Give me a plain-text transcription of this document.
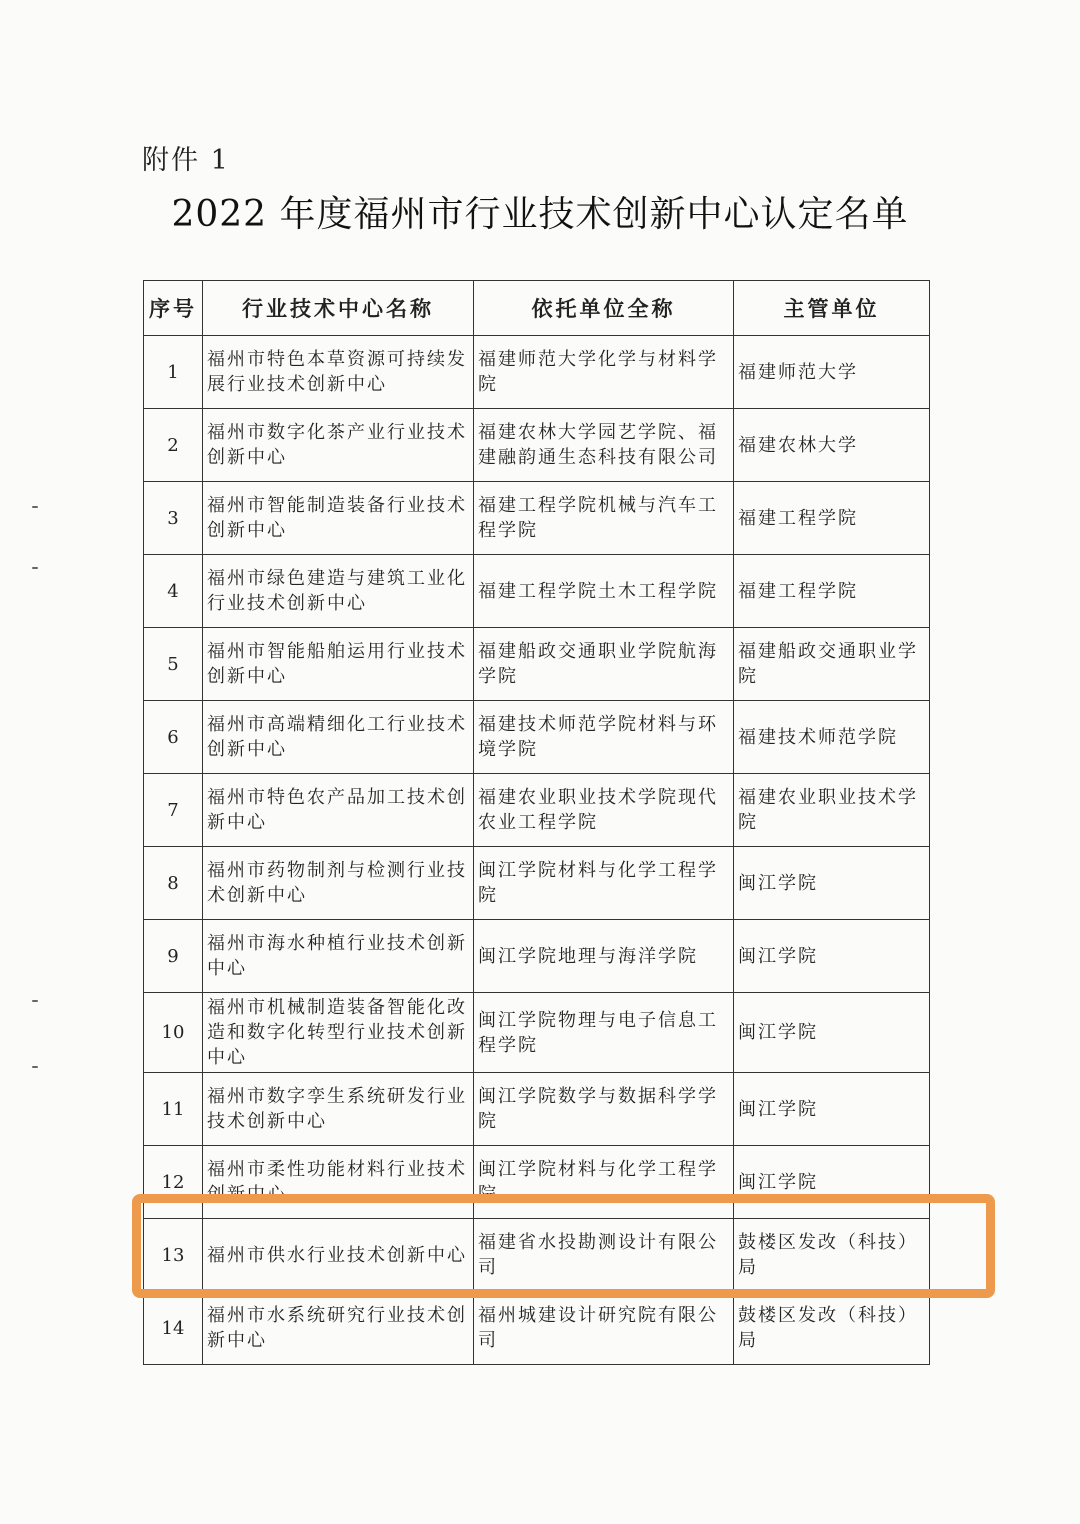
附件 1
2022 年度福州市行业技术创新中心认定名单
序号	行业技术中心名称	依托单位全称	主管单位
1	福州市特色本草资源可持续发展行业技术创新中心	福建师范大学化学与材料学院	福建师范大学
2	福州市数字化茶产业行业技术创新中心	福建农林大学园艺学院、福建融韵通生态科技有限公司	福建农林大学
3	福州市智能制造装备行业技术创新中心	福建工程学院机械与汽车工程学院	福建工程学院
4	福州市绿色建造与建筑工业化行业技术创新中心	福建工程学院土木工程学院	福建工程学院
5	福州市智能船舶运用行业技术创新中心	福建船政交通职业学院航海学院	福建船政交通职业学院
6	福州市高端精细化工行业技术创新中心	福建技术师范学院材料与环境学院	福建技术师范学院
7	福州市特色农产品加工技术创新中心	福建农业职业技术学院现代农业工程学院	福建农业职业技术学院
8	福州市药物制剂与检测行业技术创新中心	闽江学院材料与化学工程学院	闽江学院
9	福州市海水种植行业技术创新中心	闽江学院地理与海洋学院	闽江学院
10	福州市机械制造装备智能化改造和数字化转型行业技术创新中心	闽江学院物理与电子信息工程学院	闽江学院
11	福州市数字孪生系统研发行业技术创新中心	闽江学院数学与数据科学学院	闽江学院
12	福州市柔性功能材料行业技术创新中心	闽江学院材料与化学工程学院	闽江学院
13	福州市供水行业技术创新中心	福建省水投勘测设计有限公司	鼓楼区发改（科技）局
14	福州市水系统研究行业技术创新中心	福州城建设计研究院有限公司	鼓楼区发改（科技）局
